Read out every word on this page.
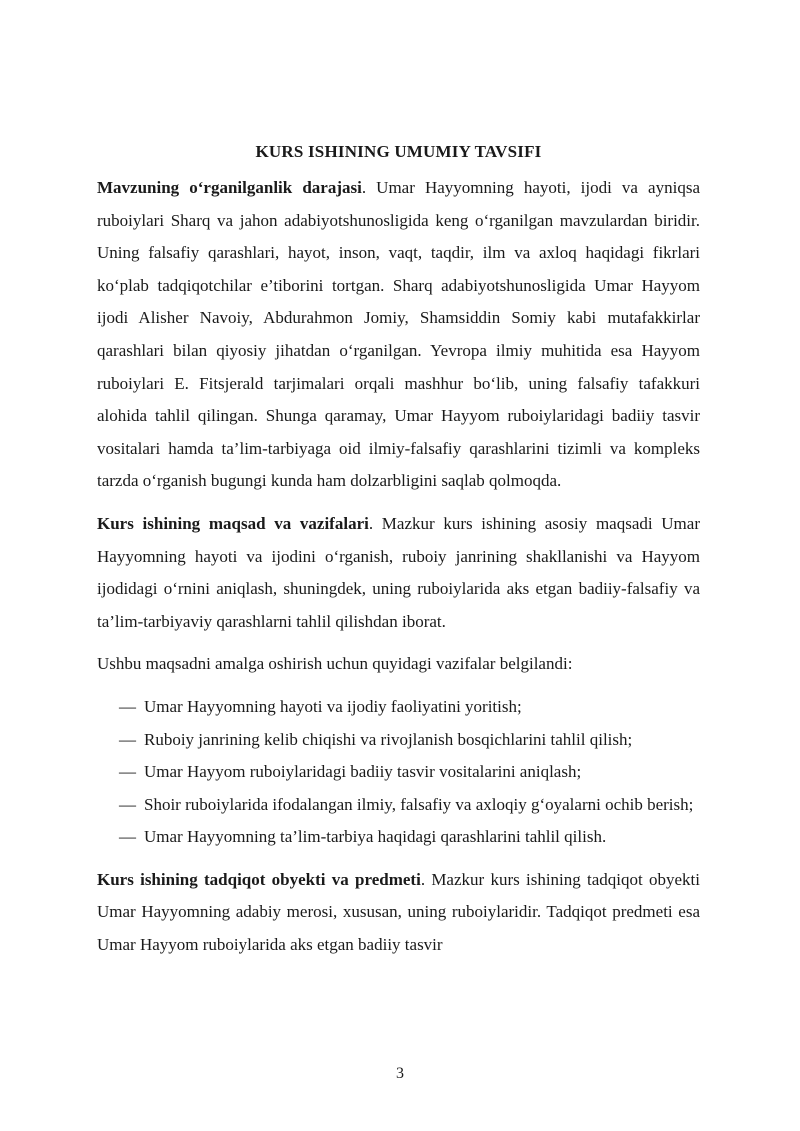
KURS ISHINING UMUMIY TAVSIFI

Mavzuning o‘rganilganlik darajasi. Umar Hayyomning hayoti, ijodi va ayniqsa ruboiylari Sharq va jahon adabiyotshunosligida keng o‘rganilgan mavzulardan biridir. Uning falsafiy qarashlari, hayot, inson, vaqt, taqdir, ilm va axloq haqidagi fikrlari ko‘plab tadqiqotchilar e’tiborini tortgan. Sharq adabiyotshunosligida Umar Hayyom ijodi Alisher Navoiy, Abdurahmon Jomiy, Shamsiddin Somiy kabi mutafakkirlar qarashlari bilan qiyosiy jihatdan o‘rganilgan. Yevropa ilmiy muhitida esa Hayyom ruboiylari E. Fitsjerald tarjimalari orqali mashhur bo‘lib, uning falsafiy tafakkuri alohida tahlil qilingan. Shunga qaramay, Umar Hayyom ruboiylaridagi badiiy tasvir vositalari hamda ta’lim-tarbiyaga oid ilmiy-falsafiy qarashlarini tizimli va kompleks tarzda o‘rganish bugungi kunda ham dolzarbligini saqlab qolmoqda.

Kurs ishining maqsad va vazifalari. Mazkur kurs ishining asosiy maqsadi Umar Hayyomning hayoti va ijodini o‘rganish, ruboiy janrining shakllanishi va Hayyom ijodidagi o‘rnini aniqlash, shuningdek, uning ruboiylarida aks etgan badiiy-falsafiy va ta’lim-tarbiyaviy qarashlarni tahlil qilishdan iborat.

Ushbu maqsadni amalga oshirish uchun quyidagi vazifalar belgilandi:

— Umar Hayyomning hayoti va ijodiy faoliyatini yoritish;
— Ruboiy janrining kelib chiqishi va rivojlanish bosqichlarini tahlil qilish;
— Umar Hayyom ruboiylaridagi badiiy tasvir vositalarini aniqlash;
— Shoir ruboiylarida ifodalangan ilmiy, falsafiy va axloqiy g‘oyalarni ochib berish;
— Umar Hayyomning ta’lim-tarbiya haqidagi qarashlarini tahlil qilish.

Kurs ishining tadqiqot obyekti va predmeti. Mazkur kurs ishining tadqiqot obyekti Umar Hayyomning adabiy merosi, xususan, uning ruboiylaridir. Tadqiqot predmeti esa Umar Hayyom ruboiylarida aks etgan badiiy tasvir

3
